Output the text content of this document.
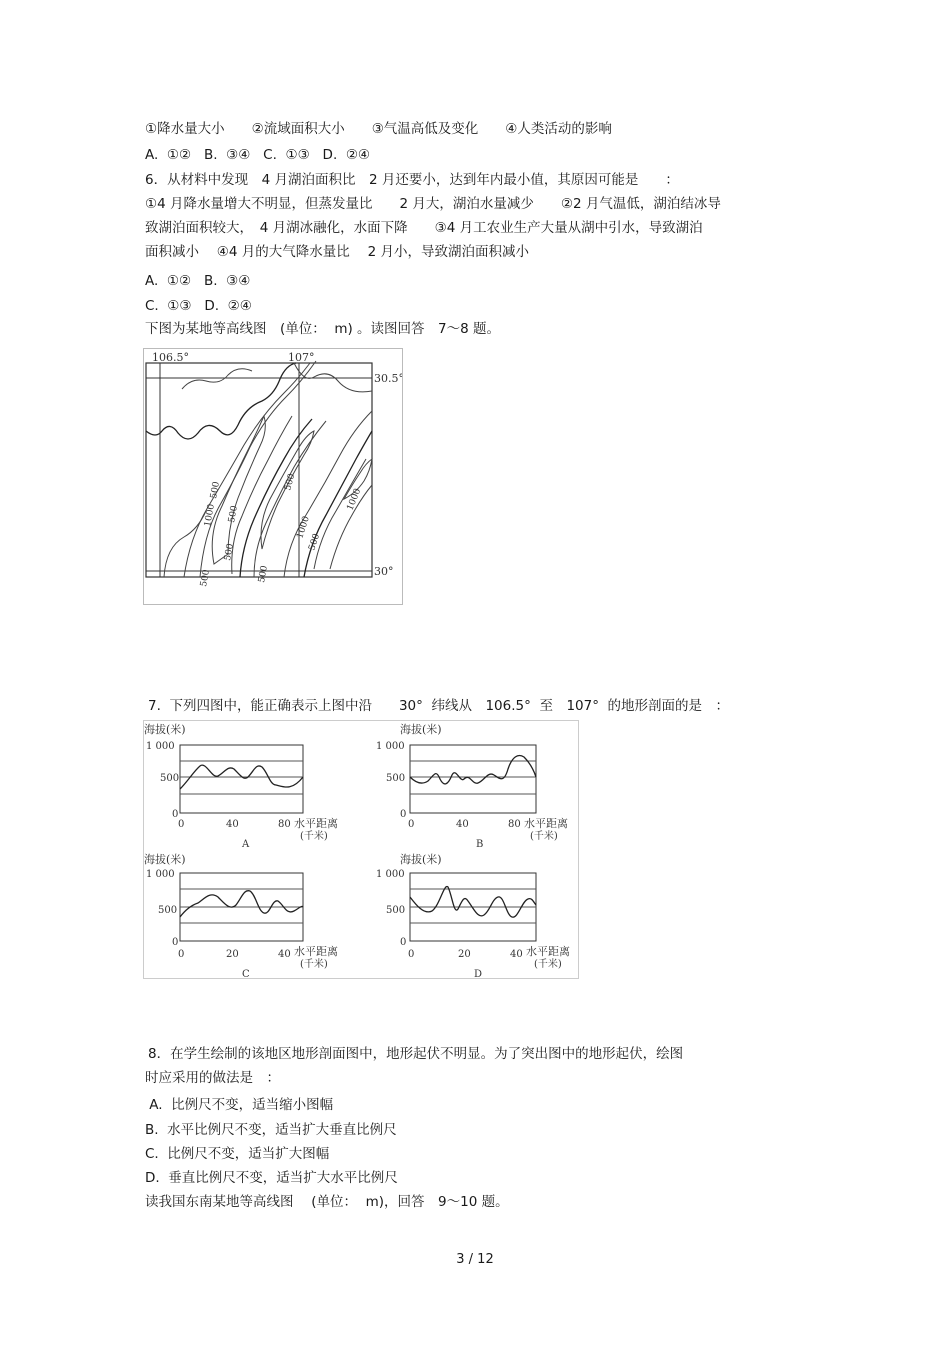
①降水量大小　　②流域面积大小　　③气温高低及变化　　④人类活动的影响
A.  ①②   B.  ③④   C.  ①③   D.  ②④
6．从材料中发现　4 月湖泊面积比　2 月还要小，达到年内最小值，其原因可能是　　：
①4 月降水量增大不明显，但蒸发量比　　2 月大，湖泊水量减少　　②2 月气温低，湖泊结冰导
致湖泊面积较大，　4 月湖冰融化，水面下降　　③4 月工农业生产大量从湖中引水，导致湖泊
面积减小　 ④4 月的大气降水量比　 2 月小，导致湖泊面积减小
A.  ①②   B.  ③④
C.  ①③   D.  ②④
下图为某地等高线图　(单位：  m) 。读图回答　7～8 题。
106.5°	107°
30.5°
30°
500
1000 500
500
500	500
500
1000
500
1000
7.  下列四图中，能正确表示上图中沿　　30°  纬线从　106.5°  至　107°  的地形剖面的是　：
海拔(米)
1 000
500
0
0	40	80 水平距离
(千米)
A
海拔(米)
1 000
500
0
0	40	80 水平距离
(千米)
B
海拔(米)
1 000
500
0
0	20	40 水平距离
(千米)
C
海拔(米)
1 000
500
0
0	20	40 水平距离
(千米)
D
8．在学生绘制的该地区地形剖面图中，地形起伏不明显。为了突出图中的地形起伏，绘图
时应采用的做法是　：
A.  比例尺不变，适当缩小图幅
B.  水平比例尺不变，适当扩大垂直比例尺
C.  比例尺不变，适当扩大图幅
D.  垂直比例尺不变，适当扩大水平比例尺
读我国东南某地等高线图　 (单位：  m)，回答　9～10 题。
3 / 12
